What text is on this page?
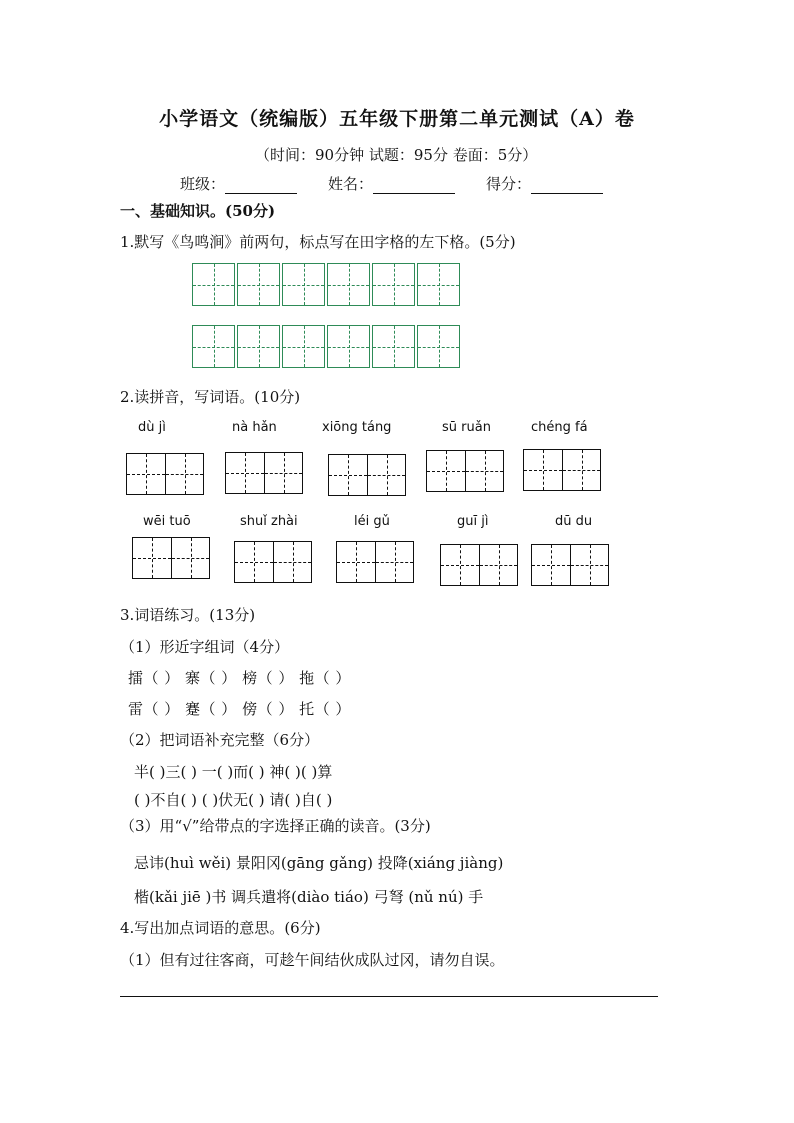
小学语文（统编版）五年级下册第二单元测试（A）卷
（时间：90分钟 试题：95分 卷面：5分）
班级：	姓名：	得分：
一、基础知识。(50分)
1.默写《鸟鸣涧》前两句，标点写在田字格的左下格。(5分)
2.读拼音，写词语。(10分)
dù jì	nà hǎn	xiōng táng	sū ruǎn	chéng fá
wēi tuō	shuǐ zhài	léi gǔ	guī jì	dū du
3.词语练习。(13分)
（1）形近字组词（4分）
擂（ ） 寨（ ） 榜（ ） 拖（ ）
雷（ ） 蹇（ ） 傍（ ） 托（ ）
（2）把词语补充完整（6分）
半( )三( ) 一( )而( ) 神( )( )算
( )不自( ) ( )伏无( ) 请( )自( )
（3）用“√”给带点的字选择正确的读音。(3分)
忌讳(huì wěi) 景阳冈(gāng gǎng) 投降(xiáng jiàng)
楷(kǎi jiē )书 调兵遣将(diào tiáo) 弓弩 (nǔ nú) 手
4.写出加点词语的意思。(6分)
（1）但有过往客商，可趁午间结伙成队过冈，请勿自误。
